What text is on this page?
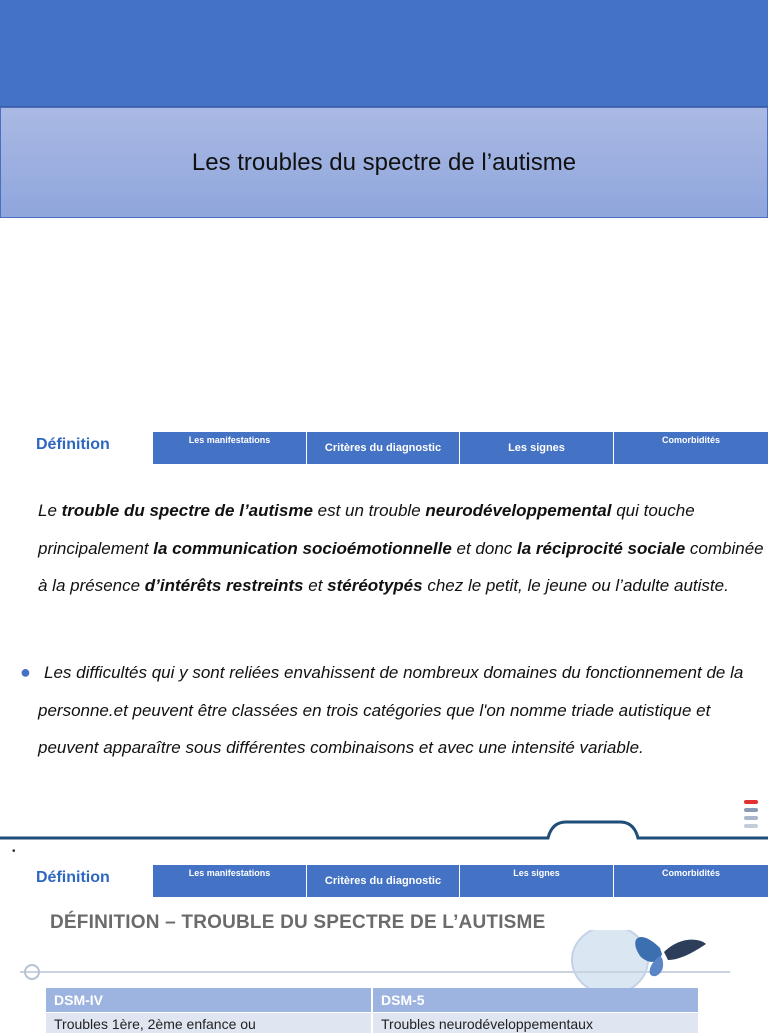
Les troubles du spectre de l’autisme
Définition	Les manifestations
Critères du diagnostic	Les signes
Comorbidités
Le trouble du spectre de l’autisme est un trouble neurodéveloppemental qui touche principalement la communication socioémotionnelle et donc la réciprocité sociale combinée à la présence d’intérêts restreints et stéréotypés chez le petit, le jeune ou l’adulte autiste.
● Les difficultés qui y sont reliées envahissent de nombreux domaines du fonctionnement de la personne.et peuvent être classées en trois catégories que l'on nomme triade autistique et peuvent apparaître sous différentes combinaisons et avec une intensité variable.
•
Définition	Les manifestations
Critères du diagnostic
Les signes	Comorbidités
DÉFINITION – TROUBLE DU SPECTRE DE L’AUTISME
DSM-IV	DSM-5
Troubles 1ère, 2ème enfance ou	Troubles neurodéveloppementaux
